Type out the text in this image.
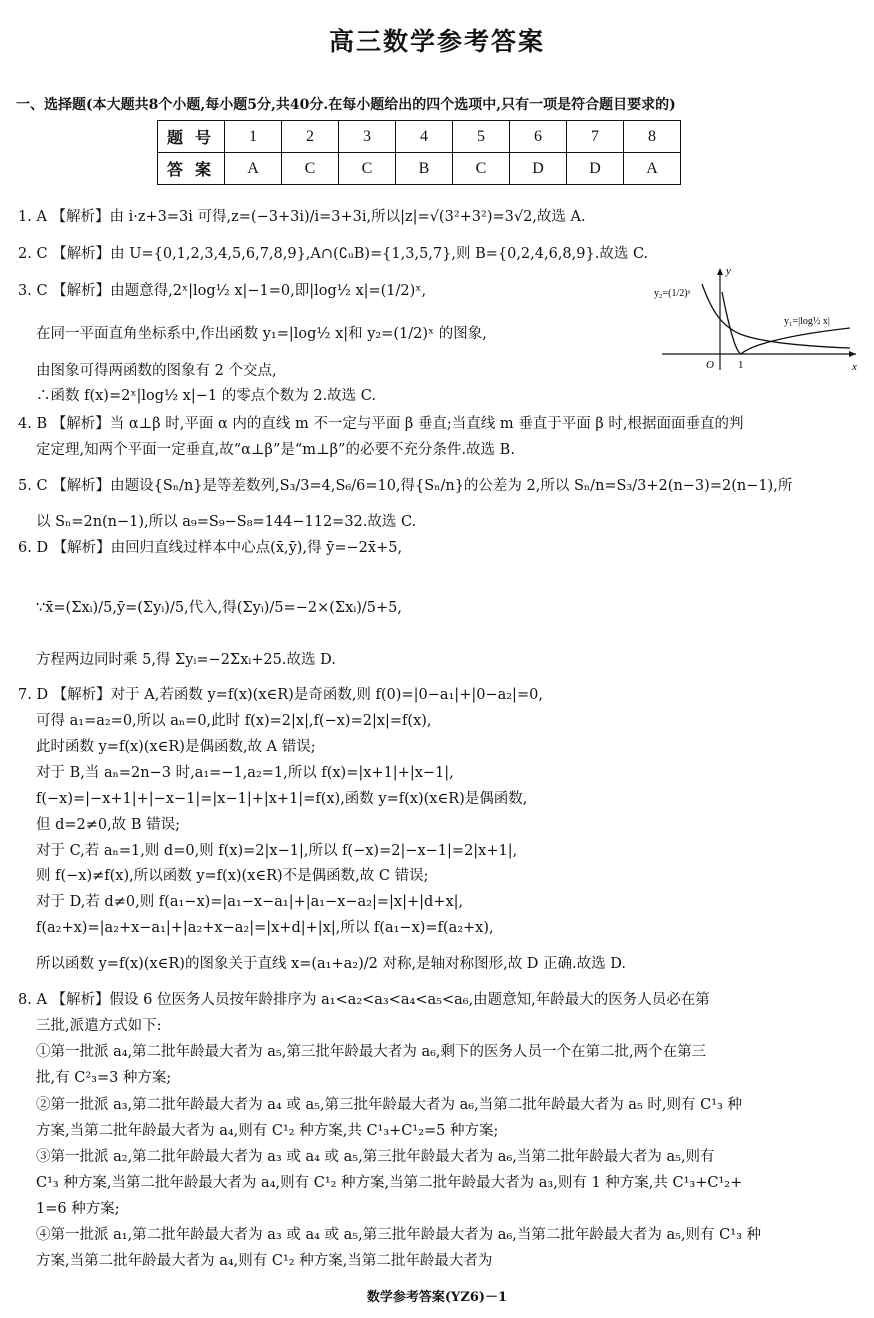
高三数学参考答案
一、选择题(本大题共8个小题,每小题5分,共40分.在每小题给出的四个选项中,只有一项是符合题目要求的)
题 号	1	2	3	4	5	6	7	8
答 案	A	C	C	B	C	D	D	A
1. A 【解析】由 i·z+3=3i 可得,z=(−3+3i)/i=3+3i,所以|z|=√(3²+3²)=3√2,故选 A.
2. C 【解析】由 U={0,1,2,3,4,5,6,7,8,9},A∩(∁ᵤB)={1,3,5,7},则 B={0,2,4,6,8,9}.故选 C.
3. C 【解析】由题意得,2ˣ|log½ x|−1=0,即|log½ x|=(1/2)ˣ,
在同一平面直角坐标系中,作出函数 y₁=|log½ x|和 y₂=(1/2)ˣ 的图象,
由图象可得两函数的图象有 2 个交点,
∴函数 f(x)=2ˣ|log½ x|−1 的零点个数为 2.故选 C.
4. B 【解析】当 α⊥β 时,平面 α 内的直线 m 不一定与平面 β 垂直;当直线 m 垂直于平面 β 时,根据面面垂直的判
定定理,知两个平面一定垂直,故“α⊥β”是“m⊥β”的必要不充分条件.故选 B.
5. C 【解析】由题设{Sₙ/n}是等差数列,S₃/3=4,S₆/6=10,得{Sₙ/n}的公差为 2,所以 Sₙ/n=S₃/3+2(n−3)=2(n−1),所
以 Sₙ=2n(n−1),所以 a₉=S₉−S₈=144−112=32.故选 C.
6. D 【解析】由回归直线过样本中心点(x̄,ȳ),得 ȳ=−2x̄+5,
∵x̄=(Σxᵢ)/5,ȳ=(Σyᵢ)/5,代入,得(Σyᵢ)/5=−2×(Σxᵢ)/5+5,
方程两边同时乘 5,得 Σyᵢ=−2Σxᵢ+25.故选 D.
7. D 【解析】对于 A,若函数 y=f(x)(x∈R)是奇函数,则 f(0)=|0−a₁|+|0−a₂|=0,
可得 a₁=a₂=0,所以 aₙ=0,此时 f(x)=2|x|,f(−x)=2|x|=f(x),
此时函数 y=f(x)(x∈R)是偶函数,故 A 错误;
对于 B,当 aₙ=2n−3 时,a₁=−1,a₂=1,所以 f(x)=|x+1|+|x−1|,
f(−x)=|−x+1|+|−x−1|=|x−1|+|x+1|=f(x),函数 y=f(x)(x∈R)是偶函数,
但 d=2≠0,故 B 错误;
对于 C,若 aₙ=1,则 d=0,则 f(x)=2|x−1|,所以 f(−x)=2|−x−1|=2|x+1|,
则 f(−x)≠f(x),所以函数 y=f(x)(x∈R)不是偶函数,故 C 错误;
对于 D,若 d≠0,则 f(a₁−x)=|a₁−x−a₁|+|a₁−x−a₂|=|x|+|d+x|,
f(a₂+x)=|a₂+x−a₁|+|a₂+x−a₂|=|x+d|+|x|,所以 f(a₁−x)=f(a₂+x),
所以函数 y=f(x)(x∈R)的图象关于直线 x=(a₁+a₂)/2 对称,是轴对称图形,故 D 正确.故选 D.
8. A 【解析】假设 6 位医务人员按年龄排序为 a₁<a₂<a₃<a₄<a₅<a₆,由题意知,年龄最大的医务人员必在第
三批,派遣方式如下:
①第一批派 a₄,第二批年龄最大者为 a₅,第三批年龄最大者为 a₆,剩下的医务人员一个在第二批,两个在第三
批,有 C²₃=3 种方案;
②第一批派 a₃,第二批年龄最大者为 a₄ 或 a₅,第三批年龄最大者为 a₆,当第二批年龄最大者为 a₅ 时,则有 C¹₃ 种
方案,当第二批年龄最大者为 a₄,则有 C¹₂ 种方案,共 C¹₃+C¹₂=5 种方案;
③第一批派 a₂,第二批年龄最大者为 a₃ 或 a₄ 或 a₅,第三批年龄最大者为 a₆,当第二批年龄最大者为 a₅,则有
C¹₃ 种方案,当第二批年龄最大者为 a₄,则有 C¹₂ 种方案,当第二批年龄最大者为 a₃,则有 1 种方案,共 C¹₃+C¹₂+
1=6 种方案;
④第一批派 a₁,第二批年龄最大者为 a₃ 或 a₄ 或 a₅,第三批年龄最大者为 a₆,当第二批年龄最大者为 a₅,则有 C¹₃ 种
方案,当第二批年龄最大者为 a₄,则有 C¹₂ 种方案,当第二批年龄最大者为
y
x
O 1
y₂=(1/2)ˣ
y₁=|log½ x|
数学参考答案(YZ6)－1
